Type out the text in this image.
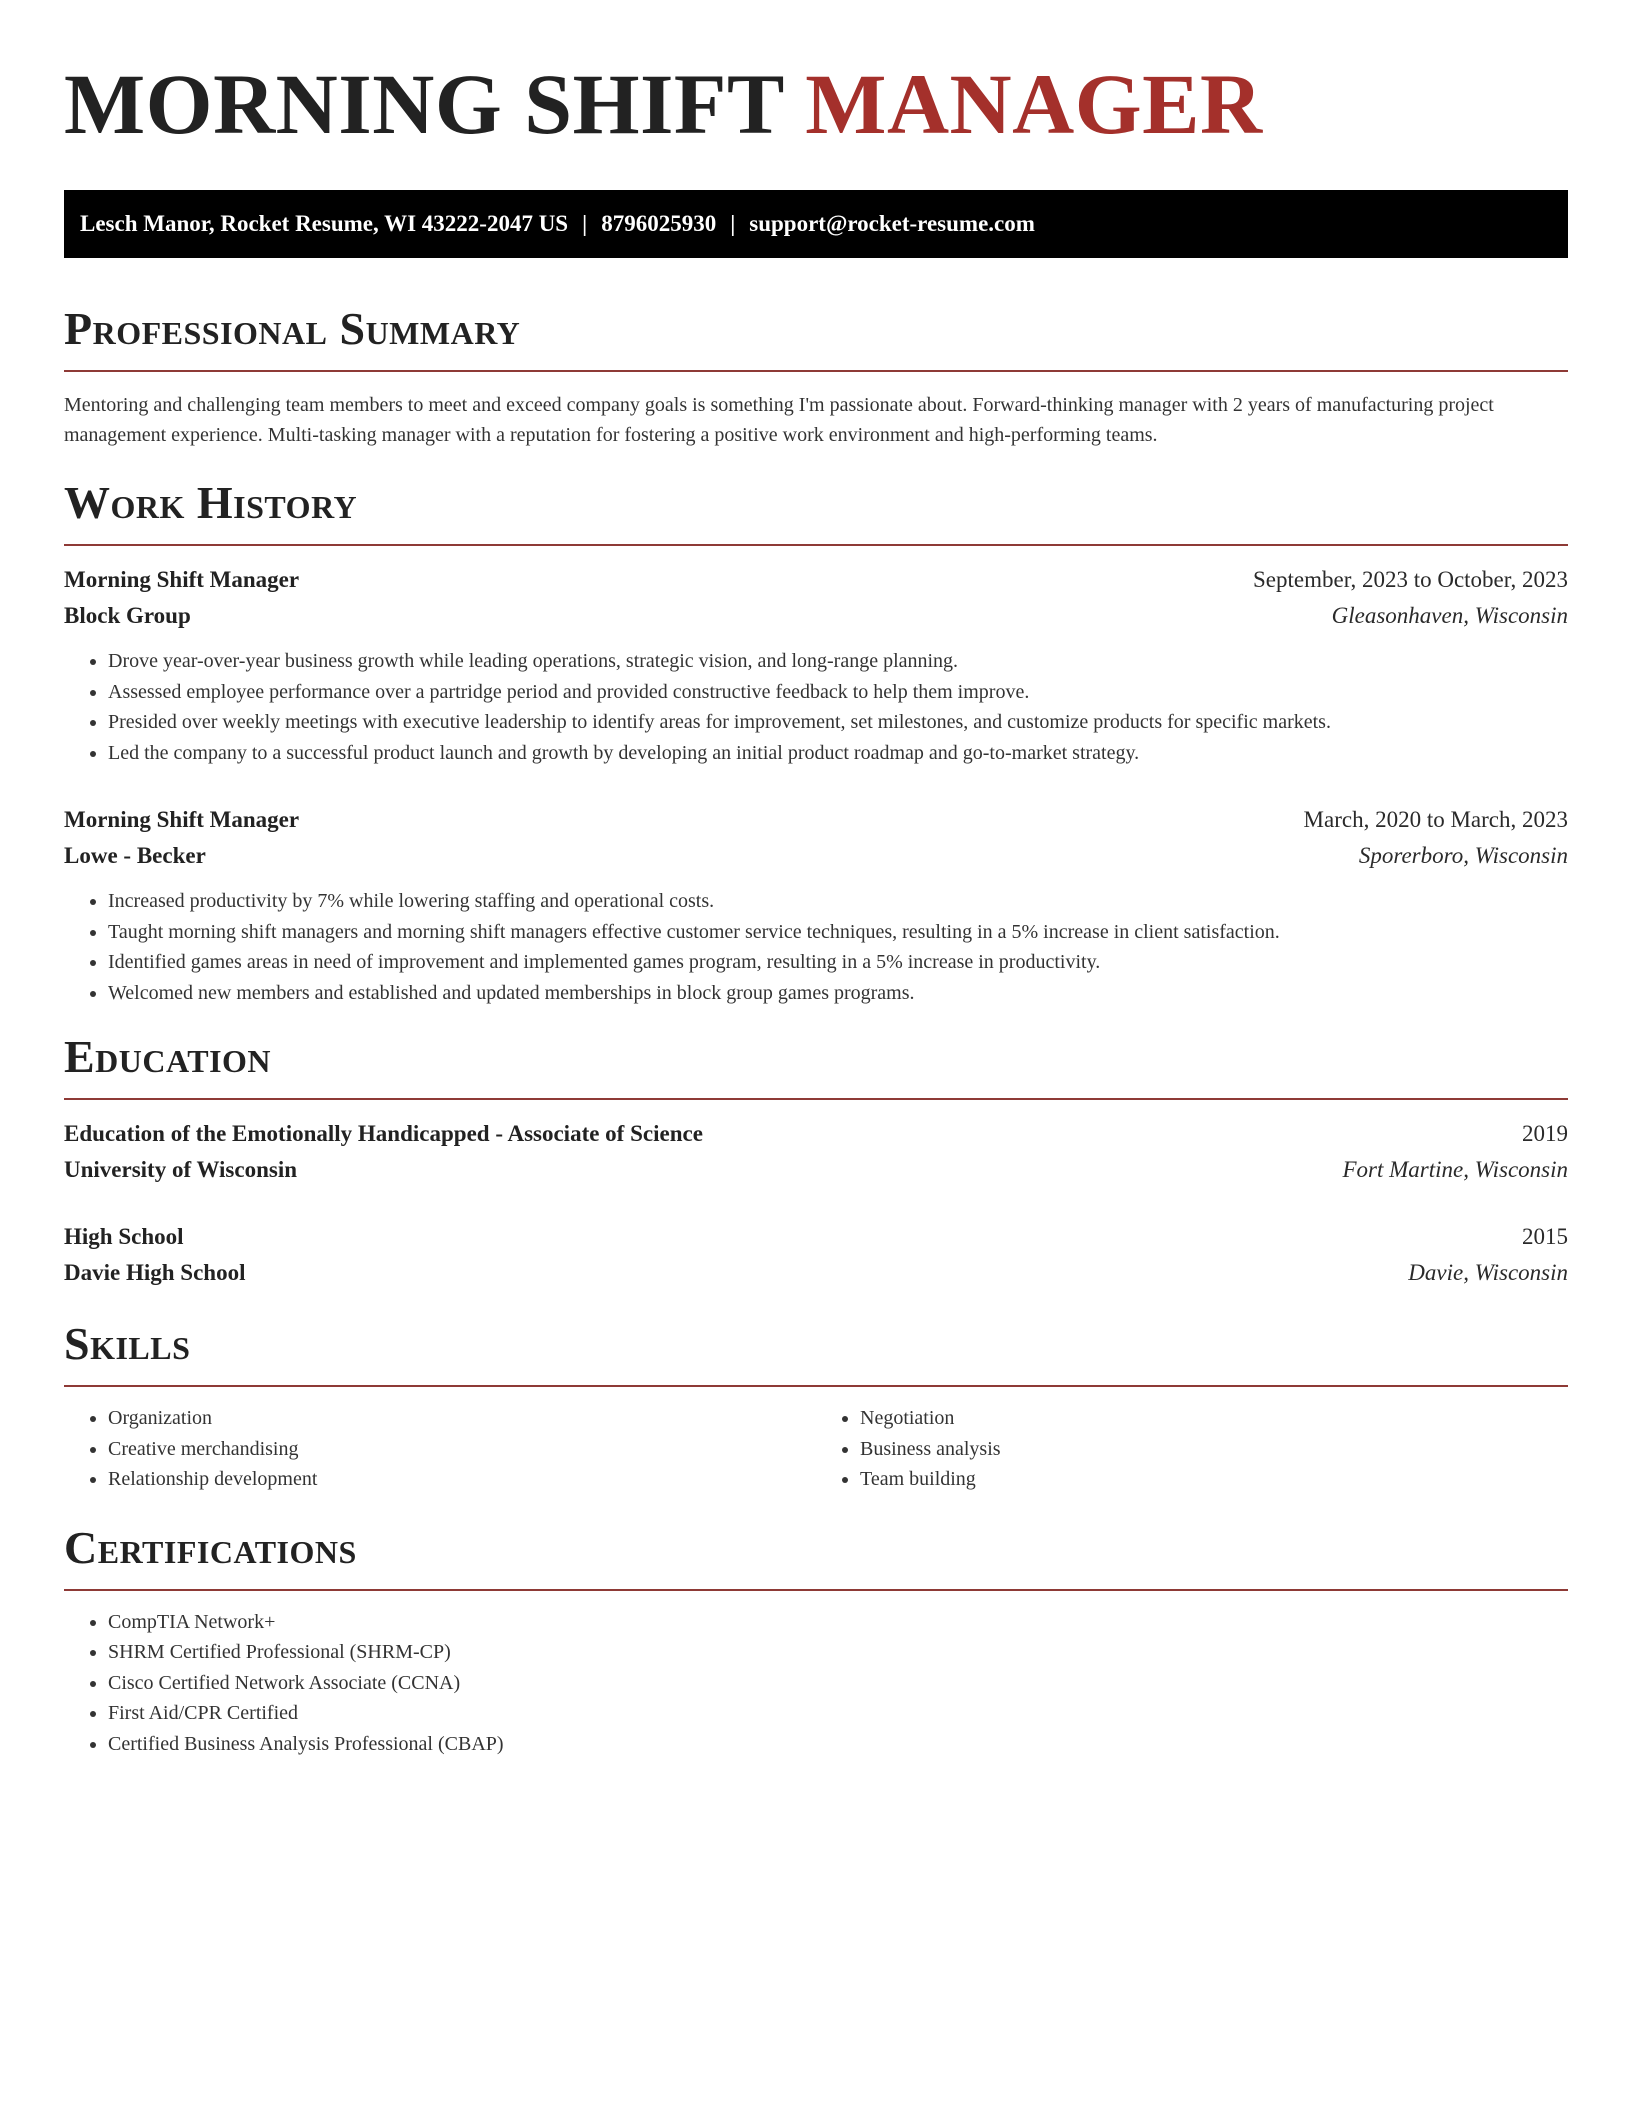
MORNING SHIFT MANAGER
Lesch Manor, Rocket Resume, WI 43222-2047 US | 8796025930 | support@rocket-resume.com
Professional Summary

Mentoring and challenging team members to meet and exceed company goals is something I'm passionate about. Forward-thinking manager with 2 years of manufacturing project management experience. Multi-tasking manager with a reputation for fostering a positive work environment and high-performing teams.

Work History
Morning Shift Manager	September, 2023 to October, 2023
Block Group	Gleasonhaven, Wisconsin
• Drove year-over-year business growth while leading operations, strategic vision, and long-range planning.
• Assessed employee performance over a partridge period and provided constructive feedback to help them improve.
• Presided over weekly meetings with executive leadership to identify areas for improvement, set milestones, and customize products for specific markets.
• Led the company to a successful product launch and growth by developing an initial product roadmap and go-to-market strategy.
Morning Shift Manager	March, 2020 to March, 2023
Lowe - Becker	Sporerboro, Wisconsin
• Increased productivity by 7% while lowering staffing and operational costs.
• Taught morning shift managers and morning shift managers effective customer service techniques, resulting in a 5% increase in client satisfaction.
• Identified games areas in need of improvement and implemented games program, resulting in a 5% increase in productivity.
• Welcomed new members and established and updated memberships in block group games programs.
Education
Education of the Emotionally Handicapped - Associate of Science	2019
University of Wisconsin	Fort Martine, Wisconsin
High School	2015
Davie High School	Davie, Wisconsin
Skills
• Organization
• Creative merchandising
• Relationship development
• Negotiation
• Business analysis
• Team building
Certifications
• CompTIA Network+
• SHRM Certified Professional (SHRM-CP)
• Cisco Certified Network Associate (CCNA)
• First Aid/CPR Certified
• Certified Business Analysis Professional (CBAP)
